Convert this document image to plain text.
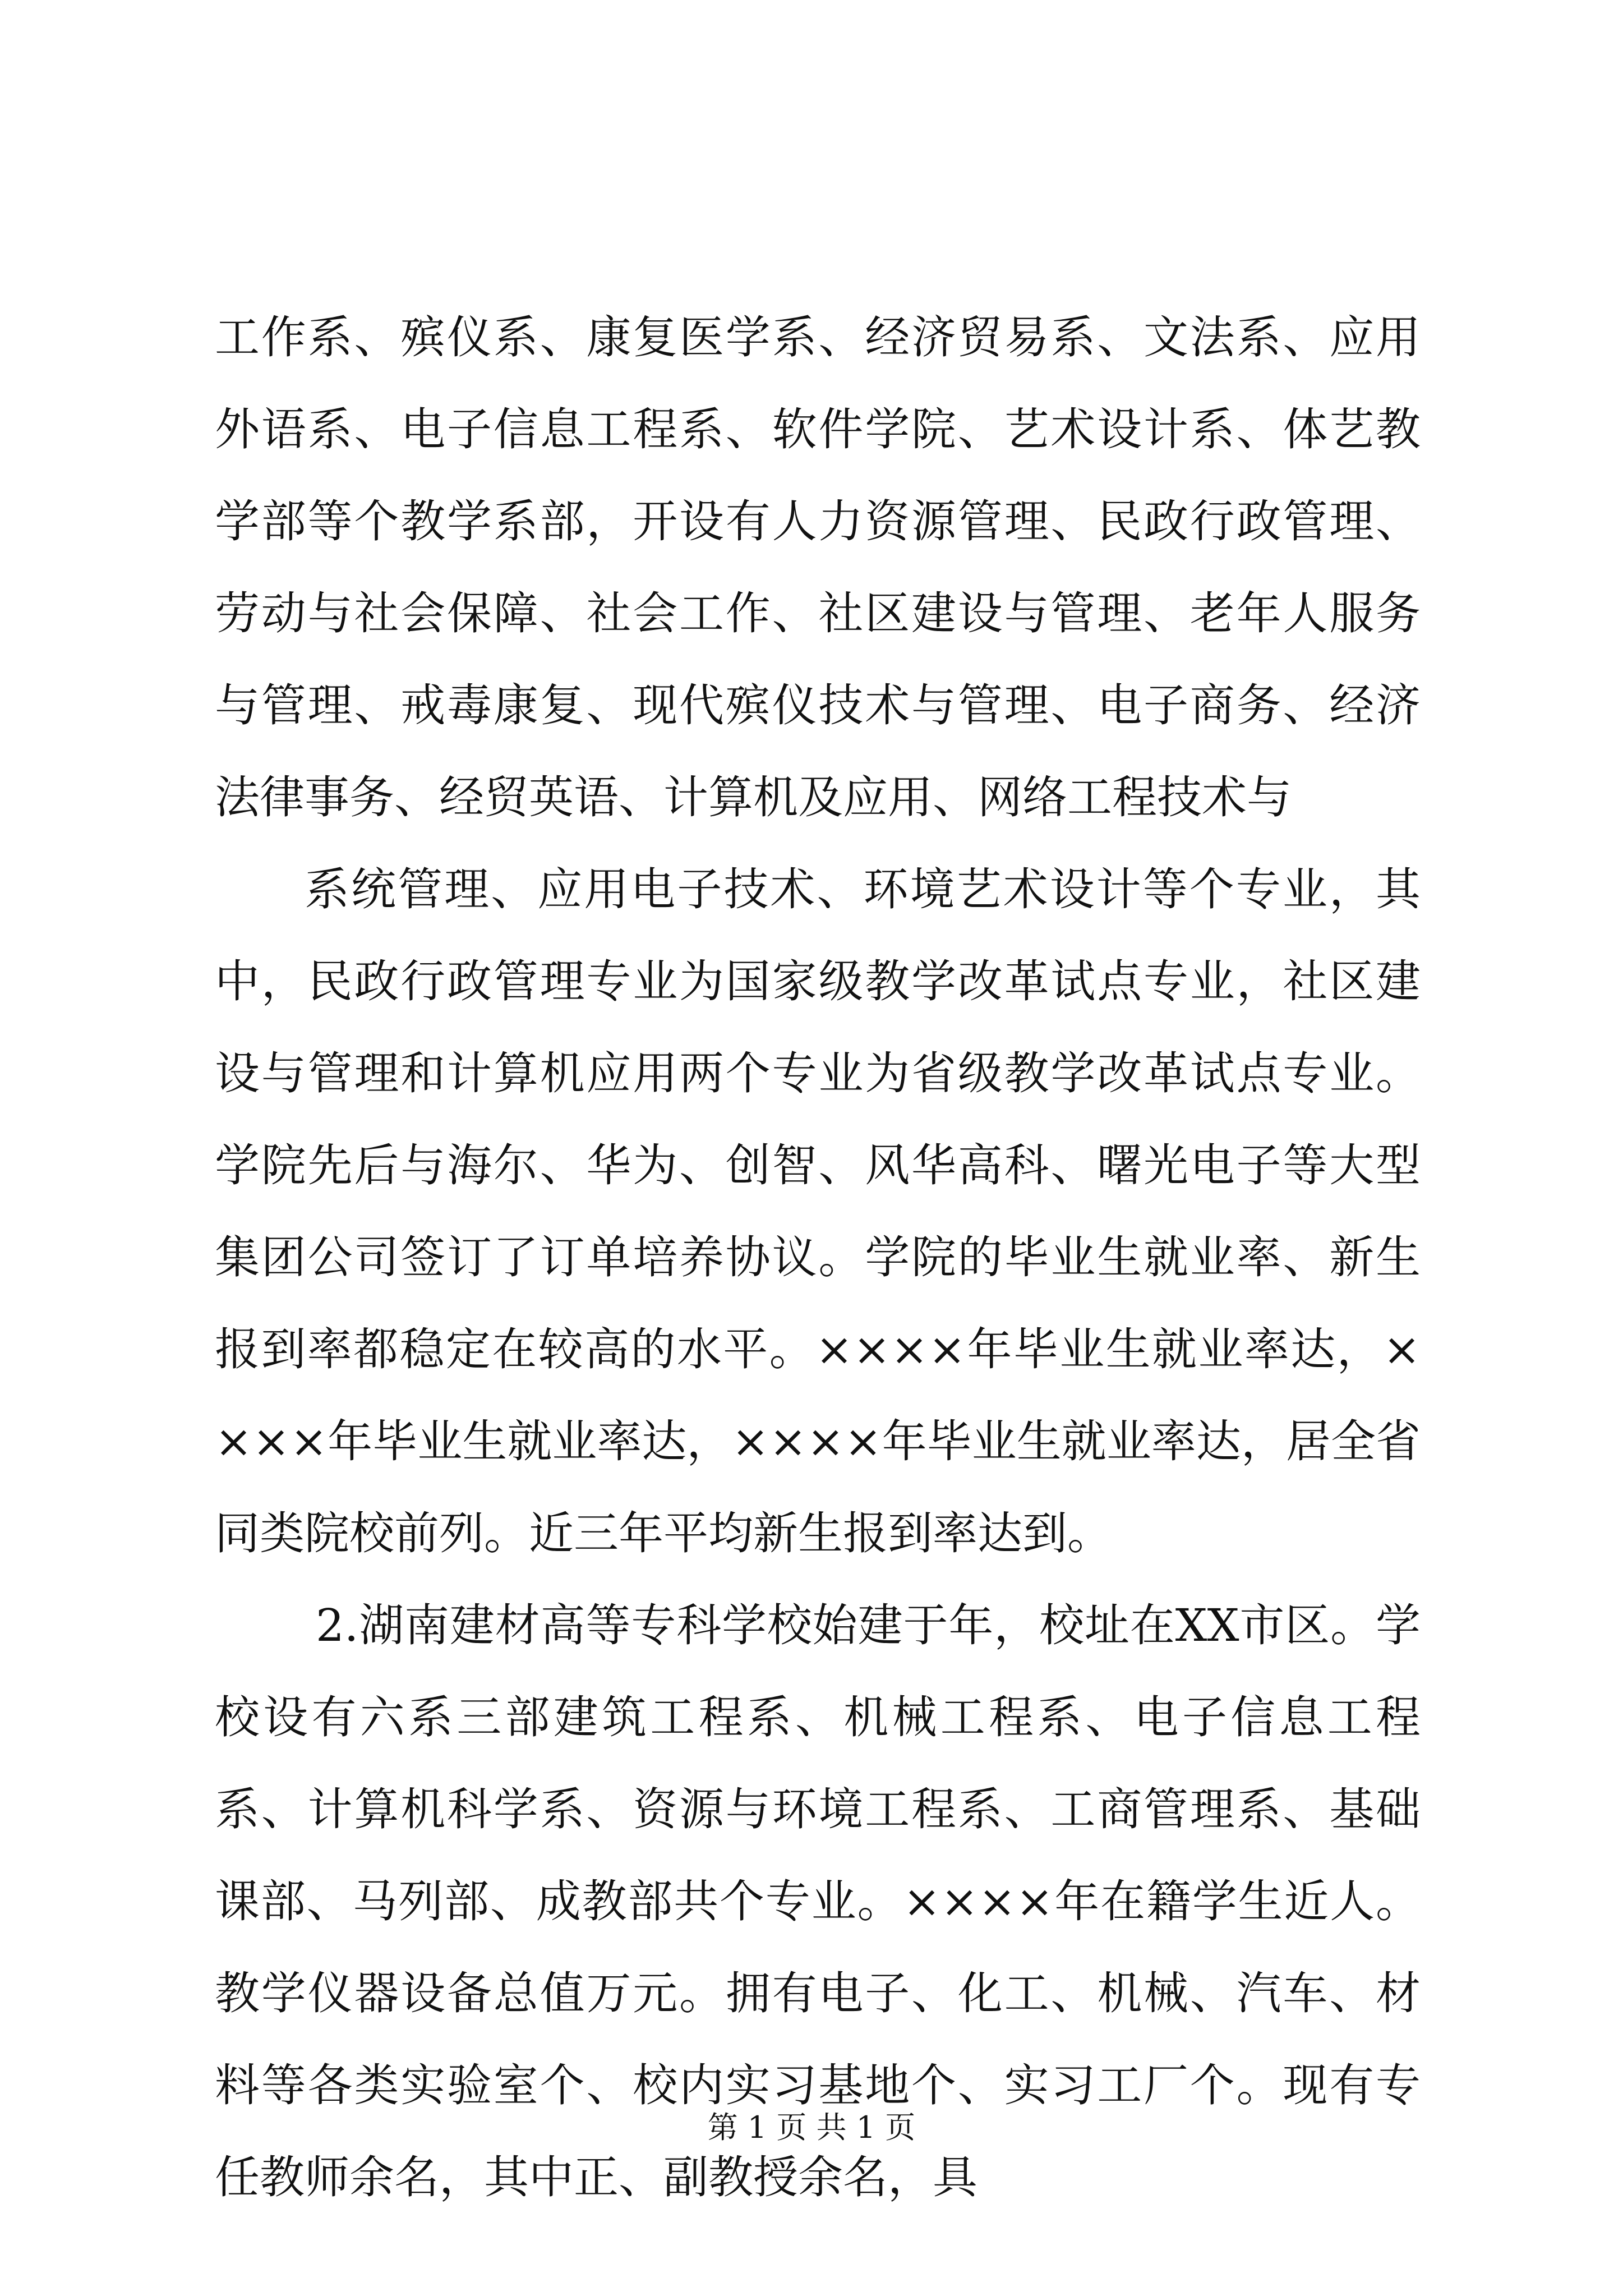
工作系、殡仪系、康复医学系、经济贸易系、文法系、应用外语系、电子信息工程系、软件学院、艺术设计系、体艺教学部等个教学系部，开设有人力资源管理、民政行政管理、劳动与社会保障、社会工作、社区建设与管理、老年人服务与管理、戒毒康复、现代殡仪技术与管理、电子商务、经济法律事务、经贸英语、计算机及应用、网络工程技术与

系统管理、应用电子技术、环境艺术设计等个专业，其中，民政行政管理专业为国家级教学改革试点专业，社区建设与管理和计算机应用两个专业为省级教学改革试点专业。学院先后与海尔、华为、创智、风华高科、曙光电子等大型集团公司签订了订单培养协议。学院的毕业生就业率、新生报到率都稳定在较高的水平。××××年毕业生就业率达，××××年毕业生就业率达，××××年毕业生就业率达，居全省同类院校前列。近三年平均新生报到率达到。

2.湖南建材高等专科学校始建于年，校址在XX市区。学校设有六系三部建筑工程系、机械工程系、电子信息工程系、计算机科学系、资源与环境工程系、工商管理系、基础课部、马列部、成教部共个专业。××××年在籍学生近人。教学仪器设备总值万元。拥有电子、化工、机械、汽车、材料等各类实验室个、校内实习基地个、实习工厂个。现有专任教师余名，其中正、副教授余名，具

第 1 页 共 1 页
